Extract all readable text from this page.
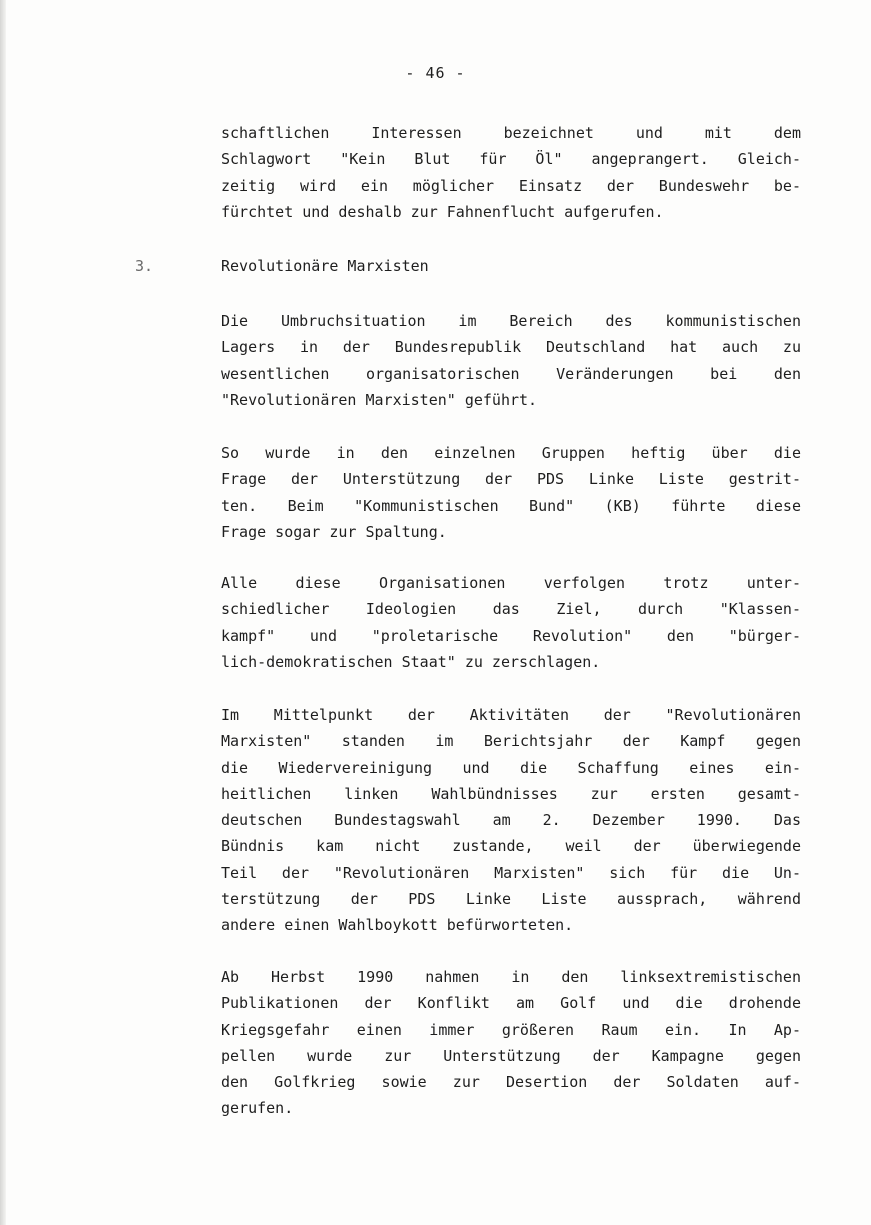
- 46 -
schaftlichen Interessen bezeichnet und mit dem
Schlagwort "Kein Blut für Öl" angeprangert. Gleich-
zeitig wird ein möglicher Einsatz der Bundeswehr be-
fürchtet und deshalb zur Fahnenflucht aufgerufen.
3.	Revolutionäre Marxisten
Die Umbruchsituation im Bereich des kommunistischen
Lagers in der Bundesrepublik Deutschland hat auch zu
wesentlichen organisatorischen Veränderungen bei den
"Revolutionären Marxisten" geführt.
So wurde in den einzelnen Gruppen heftig über die
Frage der Unterstützung der PDS Linke Liste gestrit-
ten. Beim "Kommunistischen Bund" (KB) führte diese
Frage sogar zur Spaltung.
Alle diese Organisationen verfolgen trotz unter-
schiedlicher Ideologien das Ziel, durch "Klassen-
kampf" und "proletarische Revolution" den "bürger-
lich-demokratischen Staat" zu zerschlagen.
Im Mittelpunkt der Aktivitäten der "Revolutionären
Marxisten" standen im Berichtsjahr der Kampf gegen
die Wiedervereinigung und die Schaffung eines ein-
heitlichen linken Wahlbündnisses zur ersten gesamt-
deutschen Bundestagswahl am 2. Dezember 1990. Das
Bündnis kam nicht zustande, weil der überwiegende
Teil der "Revolutionären Marxisten" sich für die Un-
terstützung der PDS Linke Liste aussprach, während
andere einen Wahlboykott befürworteten.
Ab Herbst 1990 nahmen in den linksextremistischen
Publikationen der Konflikt am Golf und die drohende
Kriegsgefahr einen immer größeren Raum ein. In Ap-
pellen wurde zur Unterstützung der Kampagne gegen
den Golfkrieg sowie zur Desertion der Soldaten auf-
gerufen.
